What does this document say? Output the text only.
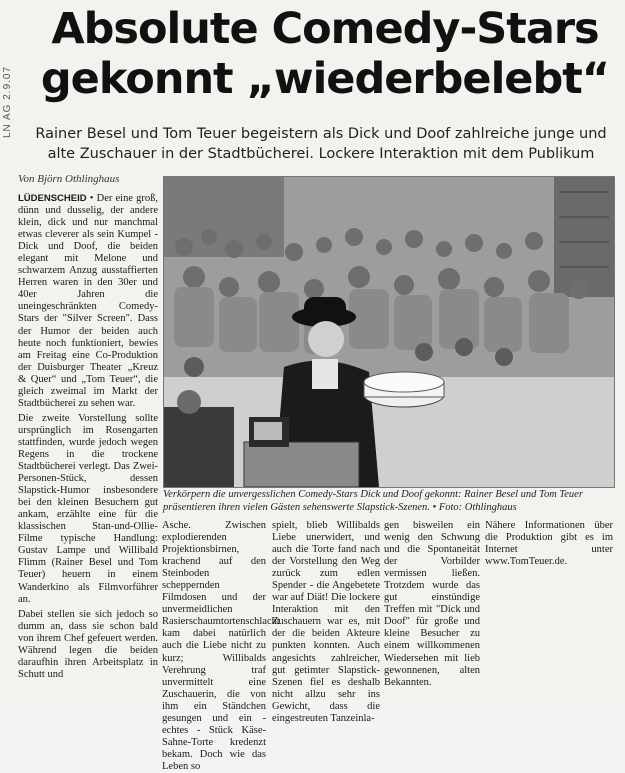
LN AG 2.9.07
Absolute Comedy-Stars
gekonnt „wiederbelebt“
Rainer Besel und Tom Teuer begeistern als Dick und Doof zahlreiche junge und alte Zuschauer in der Stadtbücherei. Lockere Interaktion mit dem Publikum
Von Björn Othlinghaus

LÜDENSCHEID • Der eine groß, dünn und dusselig, der andere klein, dick und nur manchmal etwas cleverer als sein Kumpel - Dick und Doof, die beiden elegant mit Melone und schwarzem Anzug ausstaffierten Herren waren in den 30er und 40er Jahren die uneingeschränkten Comedy-Stars der "Silver Screen". Dass der Humor der beiden auch heute noch funktioniert, bewies am Freitag eine Co-Produktion der Duisburger Theater „Kreuz & Quer“ und „Tom Teuer“, die gleich zweimal im Markt der Stadtbücherei zu sehen war.

Die zweite Vorstellung sollte ursprünglich im Rosengarten stattfinden, wurde jedoch wegen Regens in die trockene Stadtbücherei verlegt. Das Zwei-Personen-Stück, dessen Slapstick-Humor insbesondere bei den kleinen Besuchern gut ankam, erzählte eine für die klassischen Stan-und-Ollie-Filme typische Handlung: Gustav Lampe und Willibald Flimm (Rainer Besel und Tom Teuer) heuern in einem Wanderkino als Filmvorführer an.

Dabei stellen sie sich jedoch so dumm an, dass sie schon bald von ihrem Chef gefeuert werden. Während legen die beiden daraufhin ihren Arbeitsplatz in Schutt und

Verkörpern die unvergesslichen Comedy-Stars Dick und Doof gekonnt: Rainer Besel und Tom Teuer präsentieren ihren vielen Gästen sehenswerte Slapstick-Szenen. • Foto: Othlinghaus
Asche. Zwischen explodierenden Projektionsbirnen, krachend auf den Steinboden scheppernden Filmdosen und der unvermeidlichen Rasierschaumtortenschlacht kam dabei natürlich auch die Liebe nicht zu kurz; Willibalds Verehrung traf unvermittelt eine Zuschauerin, die von ihm ein Ständchen gesungen und ein - echtes - Stück Käse-Sahne-Torte kredenzt bekam. Doch wie das Leben so
spielt, blieb Willibalds Liebe unerwidert, und auch die Torte fand nach der Vorstellung den Weg zurück zum edlen Spender - die Angebetete war auf Diät! Die lockere Interaktion mit den Zuschauern war es, mit der die beiden Akteure punkten konnten. Auch angesichts zahlreicher, gut getimter Slapstick-Szenen fiel es deshalb nicht allzu sehr ins Gewicht, dass die eingestreuten Tanzeinla-
gen bisweilen ein wenig den Schwung und die Spontaneität der Vorbilder vermissen ließen. Trotzdem wurde das gut einstündige Treffen mit "Dick und Doof" für große und kleine Besucher zu einem willkommenen Wiedersehen mit lieb gewonnenen, alten Bekannten.

Nähere Informationen über die Produktion gibt es im Internet unter www.TomTeuer.de.
